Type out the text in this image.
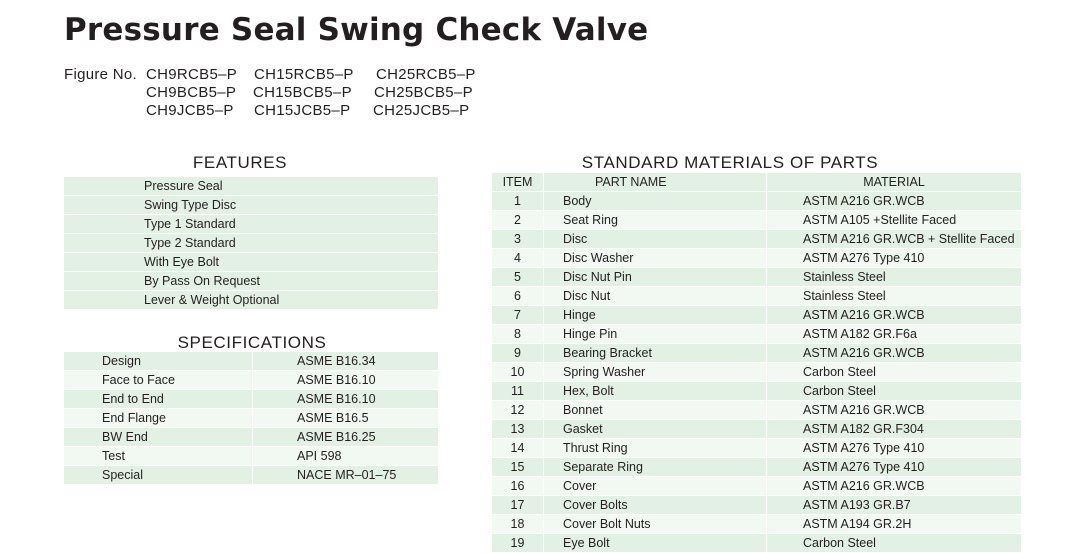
Pressure Seal Swing Check Valve
Figure No. CH9RCB5–P CH15RCB5–P CH25RCB5–P
CH9BCB5–P CH15BCB5–P CH25BCB5–P
CH9JCB5–P CH15JCB5–P CH25JCB5–P
FEATURES
Pressure Seal
Swing Type Disc
Type 1 Standard
Type 2 Standard
With Eye Bolt
By Pass On Request
Lever & Weight Optional
SPECIFICATIONS
Design	ASME B16.34
Face to Face	ASME B16.10
End to End	ASME B16.10
End Flange	ASME B16.5
BW End	ASME B16.25
Test	API 598
Special	NACE MR–01–75
STANDARD MATERIALS OF PARTS
ITEM	PART NAME	MATERIAL
1	Body	ASTM A216 GR.WCB
2	Seat Ring	ASTM A105 +Stellite Faced
3	Disc	ASTM A216 GR.WCB + Stellite Faced
4	Disc Washer	ASTM A276 Type 410
5	Disc Nut Pin	Stainless Steel
6	Disc Nut	Stainless Steel
7	Hinge	ASTM A216 GR.WCB
8	Hinge Pin	ASTM A182 GR.F6a
9	Bearing Bracket	ASTM A216 GR.WCB
10	Spring Washer	Carbon Steel
11	Hex, Bolt	Carbon Steel
12	Bonnet	ASTM A216 GR.WCB
13	Gasket	ASTM A182 GR.F304
14	Thrust Ring	ASTM A276 Type 410
15	Separate Ring	ASTM A276 Type 410
16	Cover	ASTM A216 GR.WCB
17	Cover Bolts	ASTM A193 GR.B7
18	Cover Bolt Nuts	ASTM A194 GR.2H
19	Eye Bolt	Carbon Steel
